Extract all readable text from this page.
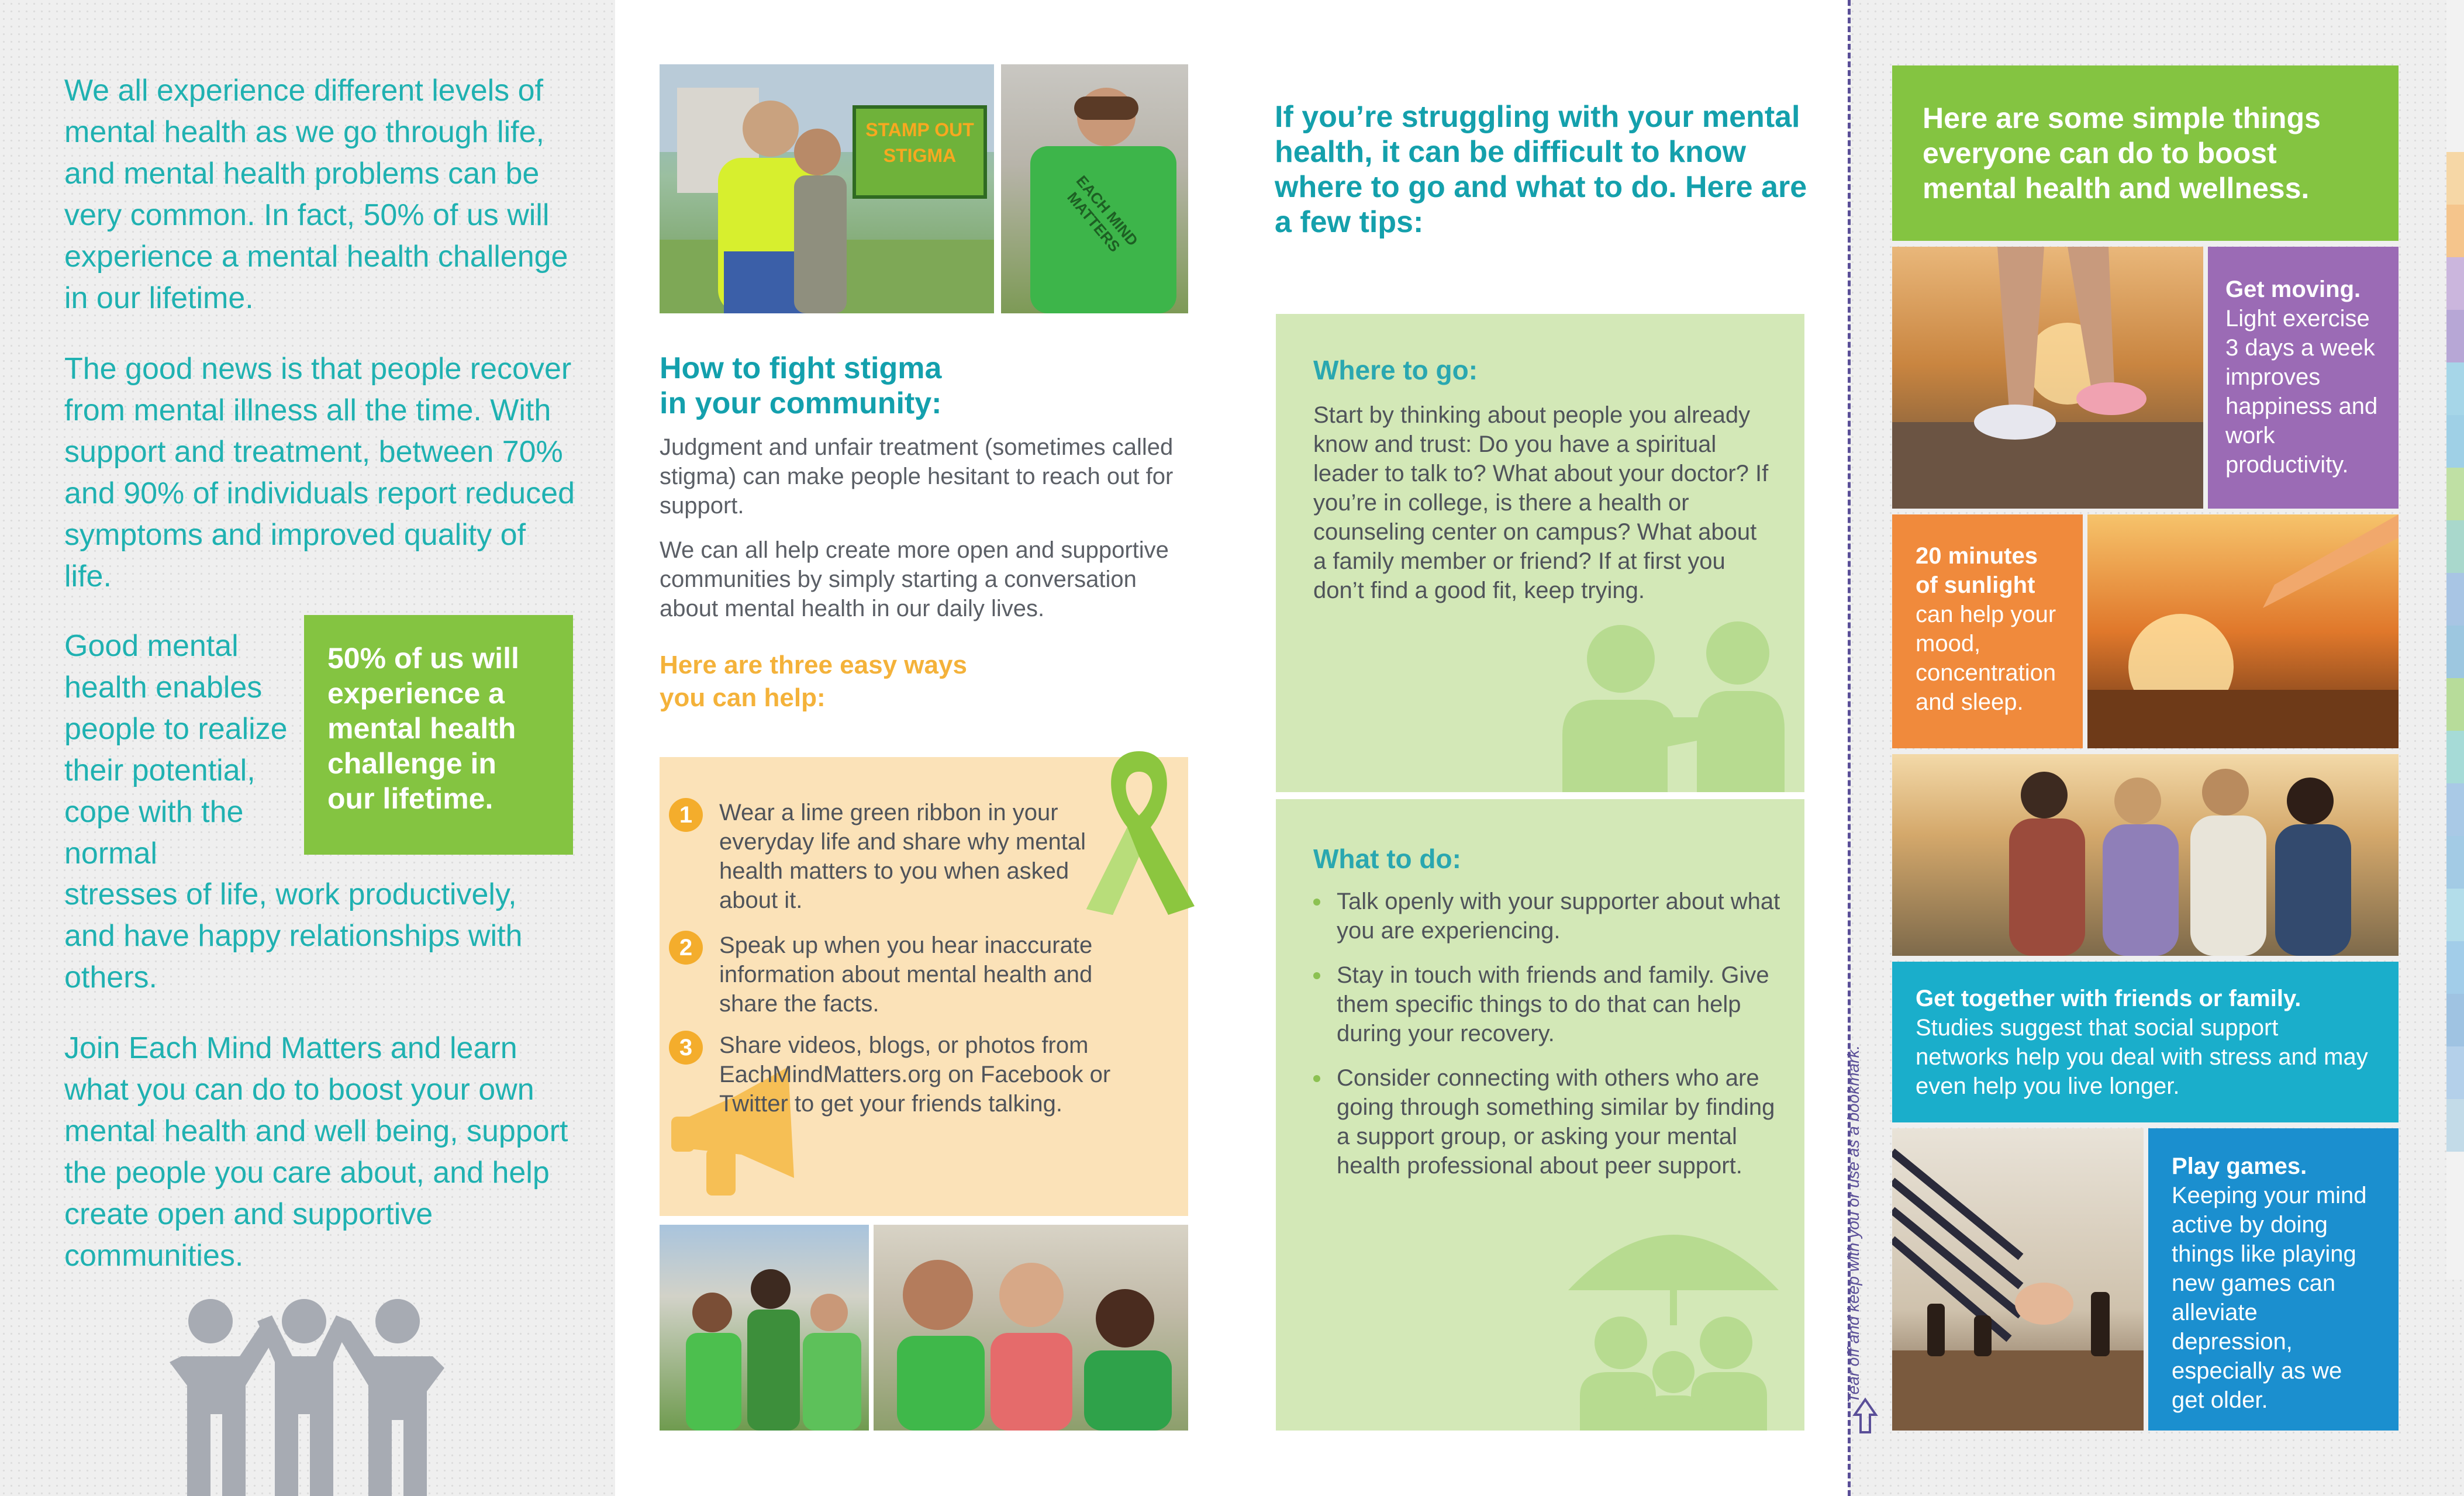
We all experience different levels of mental health as we go through life, and mental health problems can be very common. In fact, 50% of us will experience a mental health challenge in our lifetime.

The good news is that people recover from mental illness all the time. With support and treatment, between 70% and 90% of individuals report reduced symptoms and improved quality of life.

Good mental health enables people to realize their potential, cope with the normal

50% of us will experience a mental health challenge in our lifetime.

stresses of life, work productively, and have happy relationships with others.

Join Each Mind Matters and learn what you can do to boost your own mental health and well being, support the people you care about, and help create open and supportive communities.

STAMP OUT STIGMA
EACH MIND MATTERS

How to fight stigma

in your community:

Judgment and unfair treatment (sometimes called stigma) can make people hesitant to reach out for support.

We can all help create more open and supportive communities by simply starting a conversation about mental health in our daily lives.

Here are three easy ways

you can help:

1	Wear a lime green ribbon in your everyday life and share why mental health matters to you when asked about it.
2	Speak up when you hear inaccurate information about mental health and share the facts.
3	Share videos, blogs, or photos from EachMindMatters.org on Facebook or Twitter to get your friends talking.

If you’re struggling with your mental health, it can be difficult to know where to go and what to do. Here are a few tips:

Where to go:
Start by thinking about people you already know and trust: Do you have a spiritual leader to talk to? What about your doctor? If you’re in college, is there a health or counseling center on campus? What about a family member or friend? If at first you don’t find a good fit, keep trying.
What to do:
Talk openly with your supporter about what you are experiencing.
Stay in touch with friends and family. Give them specific things to do that can help during your recovery.
Consider connecting with others who are going through something similar by finding a support group, or asking your mental health professional about peer support.	Tear off and keep with you or use as a bookmark.
Here are some simple things everyone can do to boost mental health and wellness.
Get moving.
Light exercise 3 days a week improves happiness and work productivity.
20 minutes of sunlight
can help your mood, concentration and sleep.
Get together with friends or family.
Studies suggest that social support networks help you deal with stress and may even help you live longer.
Play games.
Keeping your mind active by doing things like playing new games can alleviate depression, especially as we get older.
